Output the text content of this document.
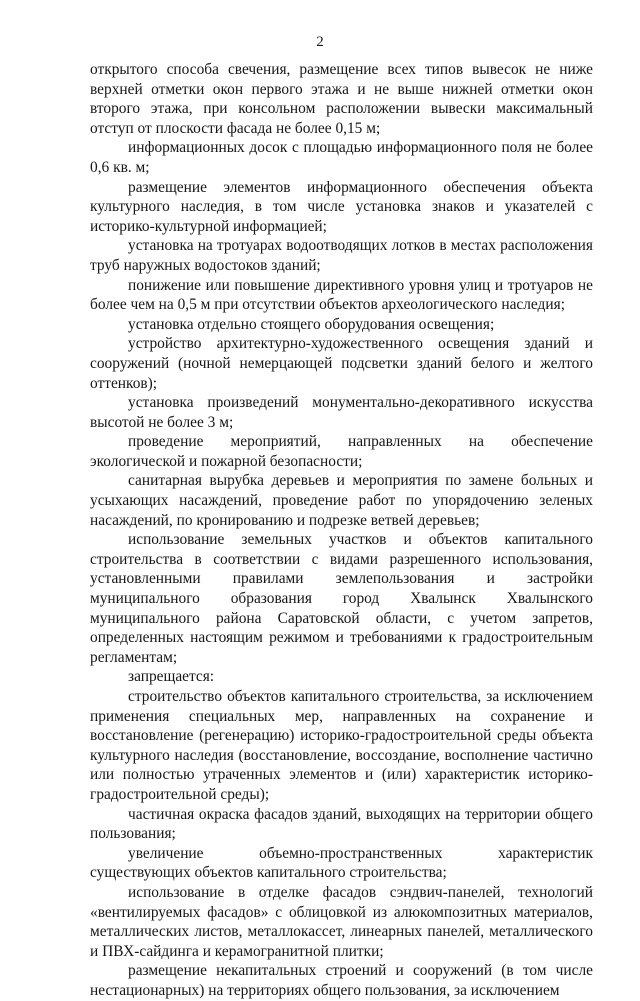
2

открытого способа свечения, размещение всех типов вывесок не ниже верхней отметки окон первого этажа и не выше нижней отметки окон второго этажа, при консольном расположении вывески максимальный отступ от плоскости фасада не более 0,15 м;

информационных досок с площадью информационного поля не более 0,6 кв. м;

размещение элементов информационного обеспечения объекта культурного наследия, в том числе установка знаков и указателей с историко-культурной информацией;

установка на тротуарах водоотводящих лотков в местах расположения труб наружных водостоков зданий;

понижение или повышение директивного уровня улиц и тротуаров не более чем на 0,5 м при отсутствии объектов археологического наследия;

установка отдельно стоящего оборудования освещения;

устройство архитектурно-художественного освещения зданий и сооружений (ночной немерцающей подсветки зданий белого и желтого оттенков);

установка произведений монументально-декоративного искусства высотой не более 3 м;

проведение мероприятий, направленных на обеспечение экологической и пожарной безопасности;

санитарная вырубка деревьев и мероприятия по замене больных и усыхающих насаждений, проведение работ по упорядочению зеленых насаждений, по кронированию и подрезке ветвей деревьев;

использование земельных участков и объектов капитального строительства в соответствии с видами разрешенного использования, установленными правилами землепользования и застройки муниципального образования город Хвалынск Хвалынского муниципального района Саратовской области, с учетом запретов, определенных настоящим режимом и требованиями к градостроительным регламентам;

запрещается:

строительство объектов капитального строительства, за исключением применения специальных мер, направленных на сохранение и восстановление (регенерацию) историко-градостроительной среды объекта культурного наследия (восстановление, воссоздание, восполнение частично или полностью утраченных элементов и (или) характеристик историко-градостроительной среды);

частичная окраска фасадов зданий, выходящих на территории общего пользования;

увеличение объемно-пространственных характеристик существующих объектов капитального строительства;

использование в отделке фасадов сэндвич-панелей, технологий «вентилируемых фасадов» с облицовкой из алюкомпозитных материалов, металлических листов, металлокассет, линеарных панелей, металлического и ПВХ-сайдинга и керамогранитной плитки;

размещение некапитальных строений и сооружений (в том числе нестационарных) на территориях общего пользования, за исключением
